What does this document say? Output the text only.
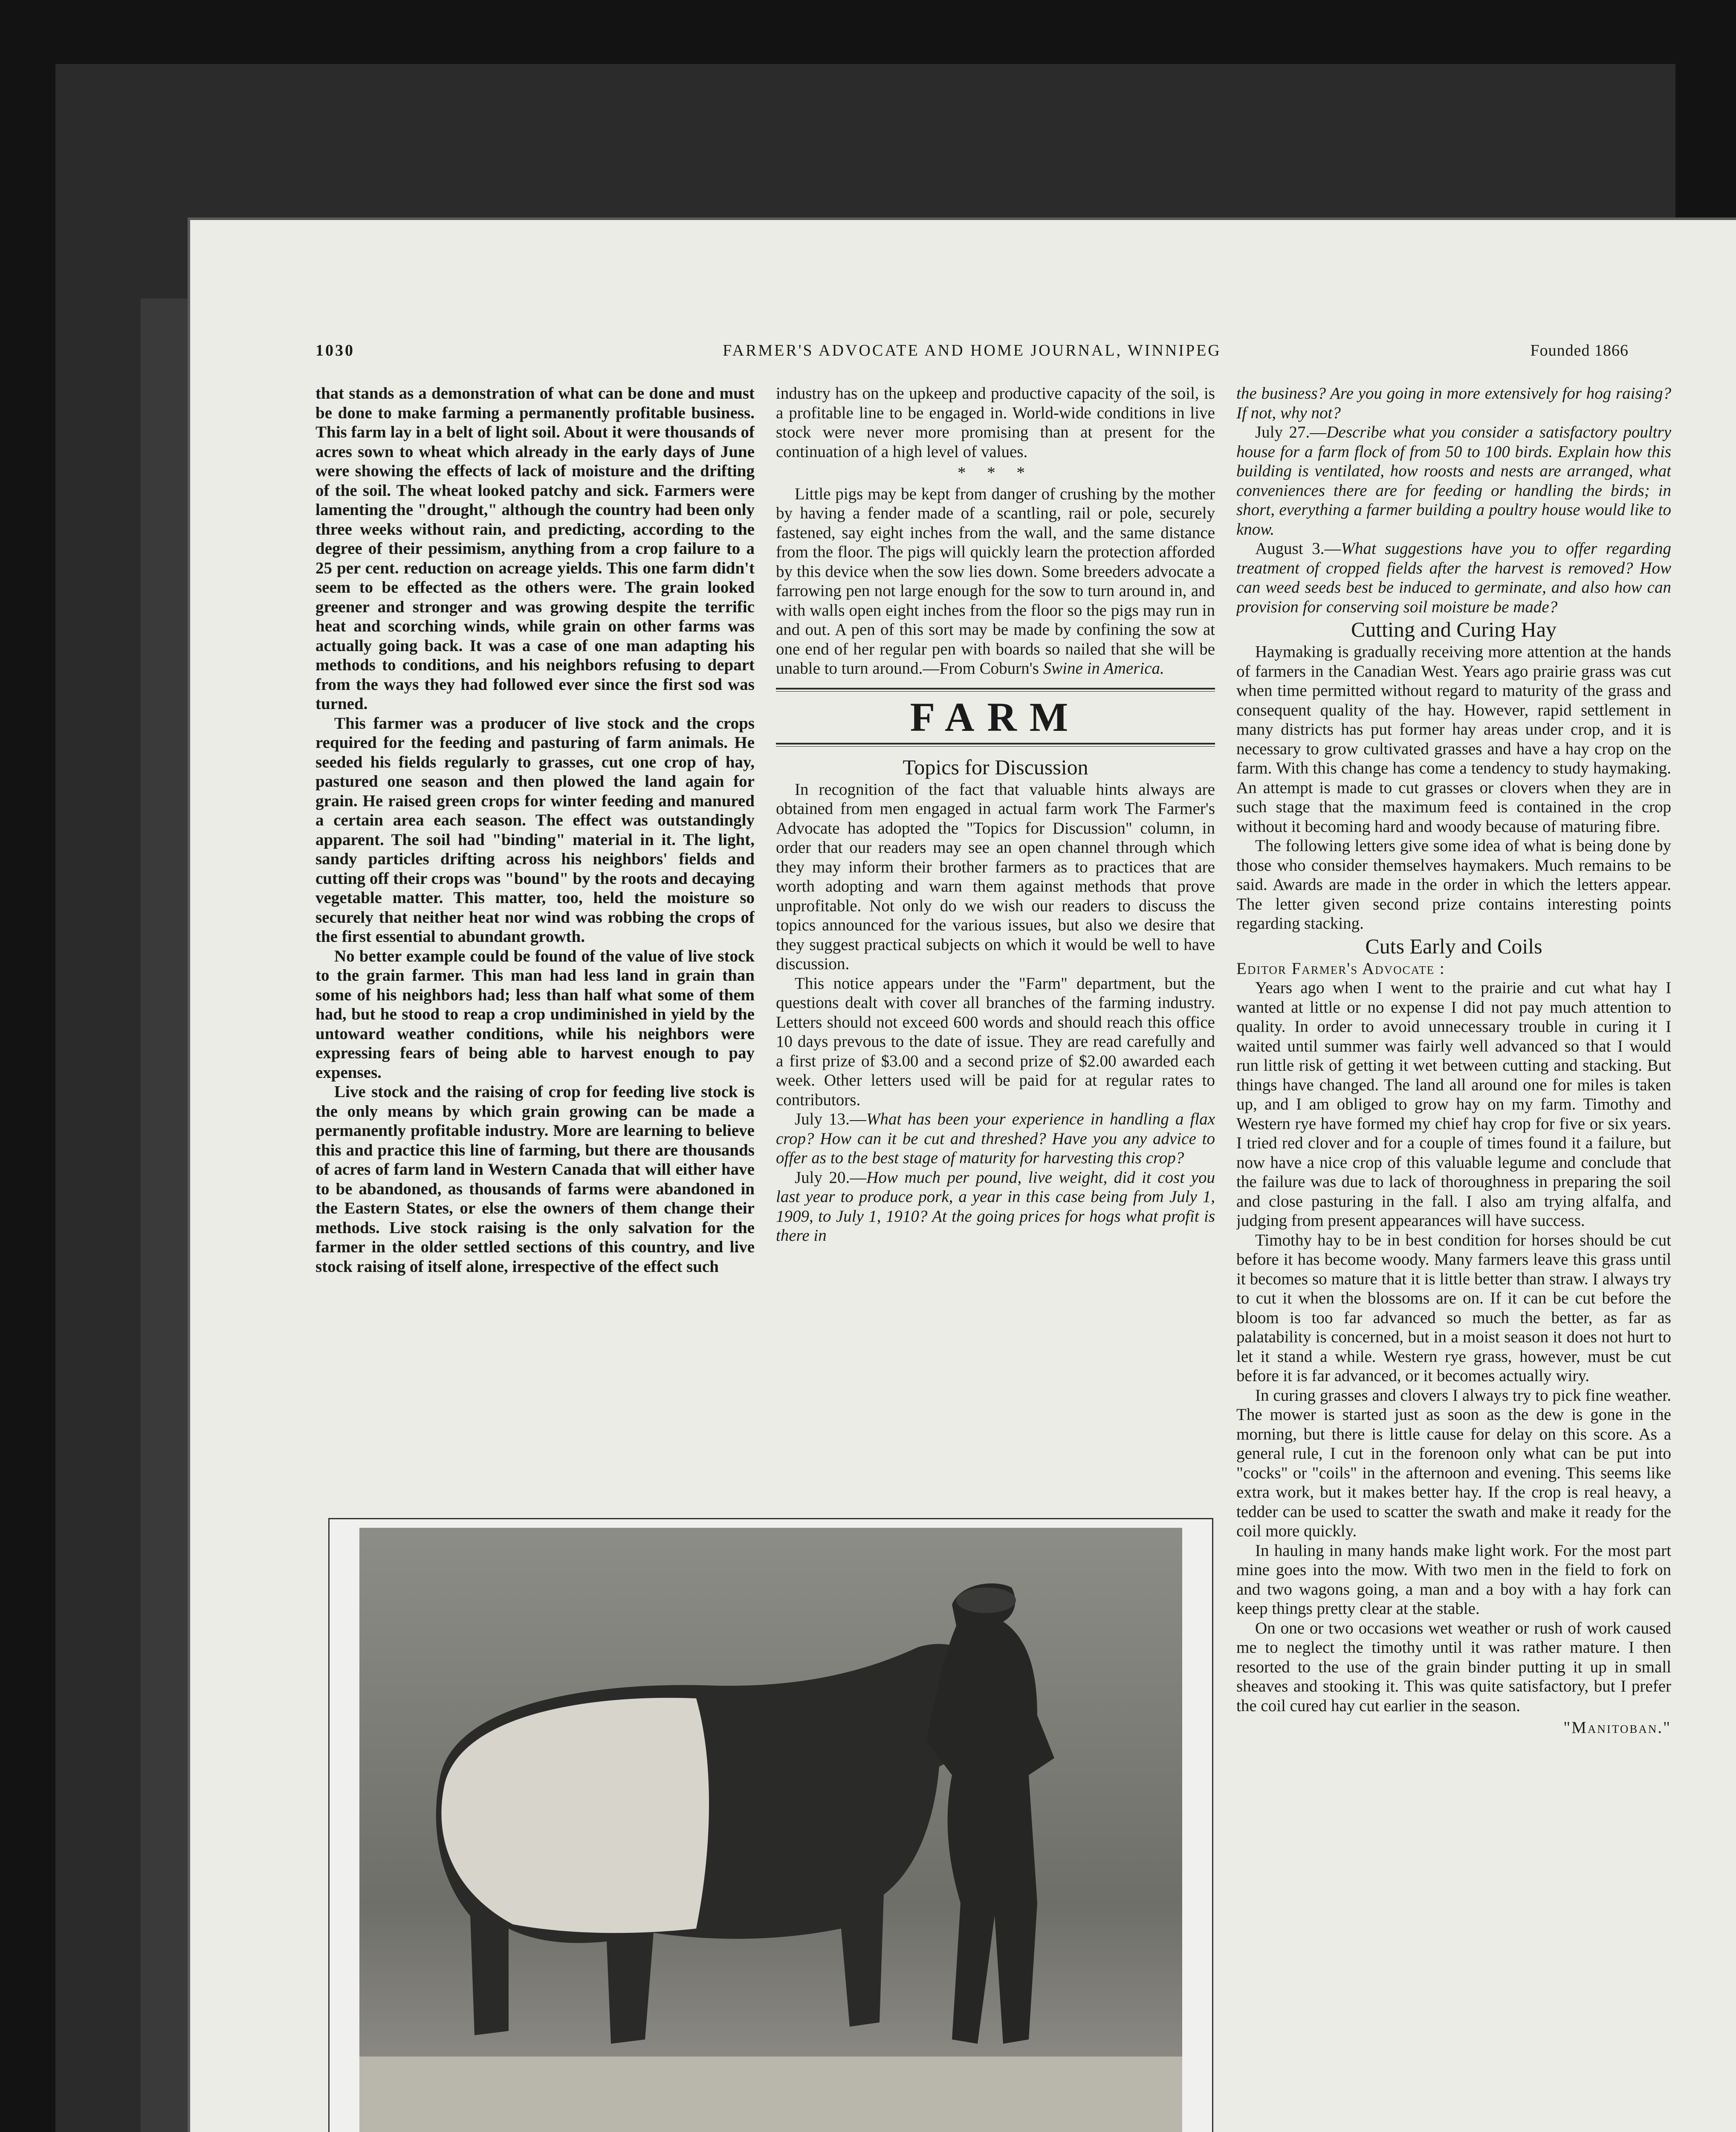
1030	FARMER'S ADVOCATE AND HOME JOURNAL, WINNIPEG	Founded 1866

that stands as a demonstration of what can be done and must be done to make farming a permanently profitable business. This farm lay in a belt of light soil. About it were thousands of acres sown to wheat which already in the early days of June were showing the effects of lack of moisture and the drifting of the soil. The wheat looked patchy and sick. Farmers were lamenting the "drought," although the country had been only three weeks without rain, and predicting, according to the degree of their pessimism, anything from a crop failure to a 25 per cent. reduction on acreage yields. This one farm didn't seem to be effected as the others were. The grain looked greener and stronger and was growing despite the terrific heat and scorching winds, while grain on other farms was actually going back. It was a case of one man adapting his methods to conditions, and his neighbors refusing to depart from the ways they had followed ever since the first sod was turned.

This farmer was a producer of live stock and the crops required for the feeding and pasturing of farm animals. He seeded his fields regularly to grasses, cut one crop of hay, pastured one season and then plowed the land again for grain. He raised green crops for winter feeding and manured a certain area each season. The effect was outstandingly apparent. The soil had "binding" material in it. The light, sandy particles drifting across his neighbors' fields and cutting off their crops was "bound" by the roots and decaying vegetable matter. This matter, too, held the moisture so securely that neither heat nor wind was robbing the crops of the first essential to abundant growth.

No better example could be found of the value of live stock to the grain farmer. This man had less land in grain than some of his neighbors had; less than half what some of them had, but he stood to reap a crop undiminished in yield by the untoward weather conditions, while his neighbors were expressing fears of being able to harvest enough to pay expenses.

Live stock and the raising of crop for feeding live stock is the only means by which grain growing can be made a permanently profitable industry. More are learning to believe this and practice this line of farming, but there are thousands of acres of farm land in Western Canada that will either have to be abandoned, as thousands of farms were abandoned in the Eastern States, or else the owners of them change their methods. Live stock raising is the only salvation for the farmer in the older settled sections of this country, and live stock raising of itself alone, irrespective of the effect such

industry has on the upkeep and productive capacity of the soil, is a profitable line to be engaged in. World-wide conditions in live stock were never more promising than at present for the continuation of a high level of values.

* * *

Little pigs may be kept from danger of crushing by the mother by having a fender made of a scantling, rail or pole, securely fastened, say eight inches from the wall, and the same distance from the floor. The pigs will quickly learn the protection afforded by this device when the sow lies down. Some breeders advocate a farrowing pen not large enough for the sow to turn around in, and with walls open eight inches from the floor so the pigs may run in and out. A pen of this sort may be made by confining the sow at one end of her regular pen with boards so nailed that she will be unable to turn around.—From Coburn's Swine in America.

FARM

Topics for Discussion

In recognition of the fact that valuable hints always are obtained from men engaged in actual farm work The Farmer's Advocate has adopted the "Topics for Discussion" column, in order that our readers may see an open channel through which they may inform their brother farmers as to practices that are worth adopting and warn them against methods that prove unprofitable. Not only do we wish our readers to discuss the topics announced for the various issues, but also we desire that they suggest practical subjects on which it would be well to have discussion.

This notice appears under the "Farm" department, but the questions dealt with cover all branches of the farming industry. Letters should not exceed 600 words and should reach this office 10 days prevous to the date of issue. They are read carefully and a first prize of $3.00 and a second prize of $2.00 awarded each week. Other letters used will be paid for at regular rates to contributors.

July 13.—What has been your experience in handling a flax crop? How can it be cut and threshed? Have you any advice to offer as to the best stage of maturity for harvesting this crop?

July 20.—How much per pound, live weight, did it cost you last year to produce pork, a year in this case being from July 1, 1909, to July 1, 1910? At the going prices for hogs what profit is there in

the business? Are you going in more extensively for hog raising? If not, why not?

July 27.—Describe what you consider a satisfactory poultry house for a farm flock of from 50 to 100 birds. Explain how this building is ventilated, how roosts and nests are arranged, what conveniences there are for feeding or handling the birds; in short, everything a farmer building a poultry house would like to know.

August 3.—What suggestions have you to offer regarding treatment of cropped fields after the harvest is removed? How can weed seeds best be induced to germinate, and also how can provision for conserving soil moisture be made?

Cutting and Curing Hay

Haymaking is gradually receiving more attention at the hands of farmers in the Canadian West. Years ago prairie grass was cut when time permitted without regard to maturity of the grass and consequent quality of the hay. However, rapid settlement in many districts has put former hay areas under crop, and it is necessary to grow cultivated grasses and have a hay crop on the farm. With this change has come a tendency to study haymaking. An attempt is made to cut grasses or clovers when they are in such stage that the maximum feed is contained in the crop without it becoming hard and woody because of maturing fibre.

The following letters give some idea of what is being done by those who consider themselves haymakers. Much remains to be said. Awards are made in the order in which the letters appear. The letter given second prize contains interesting points regarding stacking.

Cuts Early and Coils

Editor Farmer's Advocate :

Years ago when I went to the prairie and cut what hay I wanted at little or no expense I did not pay much attention to quality. In order to avoid unnecessary trouble in curing it I waited until summer was fairly well advanced so that I would run little risk of getting it wet between cutting and stacking. But things have changed. The land all around one for miles is taken up, and I am obliged to grow hay on my farm. Timothy and Western rye have formed my chief hay crop for five or six years. I tried red clover and for a couple of times found it a failure, but now have a nice crop of this valuable legume and conclude that the failure was due to lack of thoroughness in preparing the soil and close pasturing in the fall. I also am trying alfalfa, and judging from present appearances will have success.

Timothy hay to be in best condition for horses should be cut before it has become woody. Many farmers leave this grass until it becomes so mature that it is little better than straw. I always try to cut it when the blossoms are on. If it can be cut before the bloom is too far advanced so much the better, as far as palatability is concerned, but in a moist season it does not hurt to let it stand a while. Western rye grass, however, must be cut before it is far advanced, or it becomes actually wiry.

In curing grasses and clovers I always try to pick fine weather. The mower is started just as soon as the dew is gone in the morning, but there is little cause for delay on this score. As a general rule, I cut in the forenoon only what can be put into "cocks" or "coils" in the afternoon and evening. This seems like extra work, but it makes better hay. If the crop is real heavy, a tedder can be used to scatter the swath and make it ready for the coil more quickly.

In hauling in many hands make light work. For the most part mine goes into the mow. With two men in the field to fork on and two wagons going, a man and a boy with a hay fork can keep things pretty clear at the stable.

On one or two occasions wet weather or rush of work caused me to neglect the timothy until it was rather mature. I then resorted to the use of the grain binder putting it up in small sheaves and stooking it. This was quite satisfactory, but I prefer the coil cured hay cut earlier in the season.

"Manitoban."
